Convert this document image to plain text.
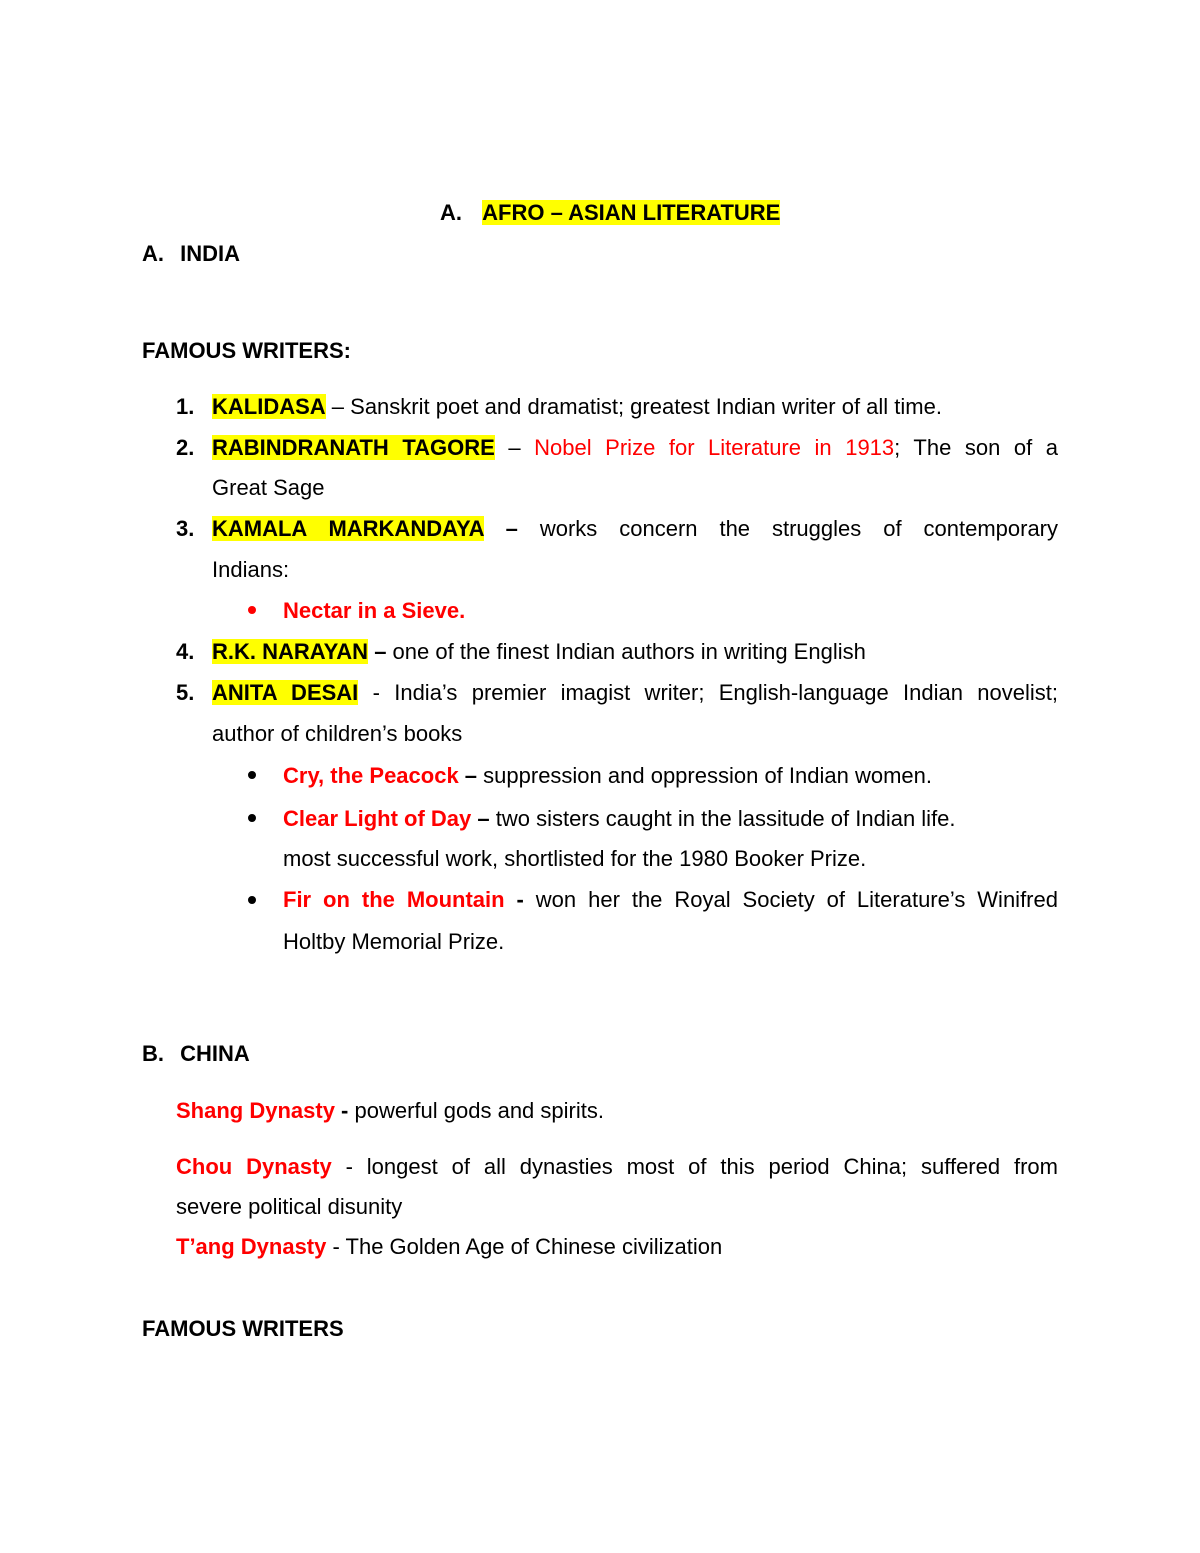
A. AFRO – ASIAN LITERATURE
A. INDIA
FAMOUS WRITERS:
1. KALIDASA – Sanskrit poet and dramatist; greatest Indian writer of all time.
2. RABINDRANATH TAGORE – Nobel Prize for Literature in 1913; The son of a
Great Sage
3. KAMALA MARKANDAYA – works concern the struggles of contemporary
Indians:
Nectar in a Sieve.
4. R.K. NARAYAN – one of the finest Indian authors in writing English
5. ANITA DESAI - India’s premier imagist writer; English-language Indian novelist;
author of children’s books
Cry, the Peacock – suppression and oppression of Indian women.
Clear Light of Day – two sisters caught in the lassitude of Indian life.
most successful work, shortlisted for the 1980 Booker Prize.
Fir on the Mountain - won her the Royal Society of Literature’s Winifred
Holtby Memorial Prize.
B. CHINA
Shang Dynasty - powerful gods and spirits.
Chou Dynasty - longest of all dynasties most of this period China; suffered from
severe political disunity
T’ang Dynasty - The Golden Age of Chinese civilization
FAMOUS WRITERS
